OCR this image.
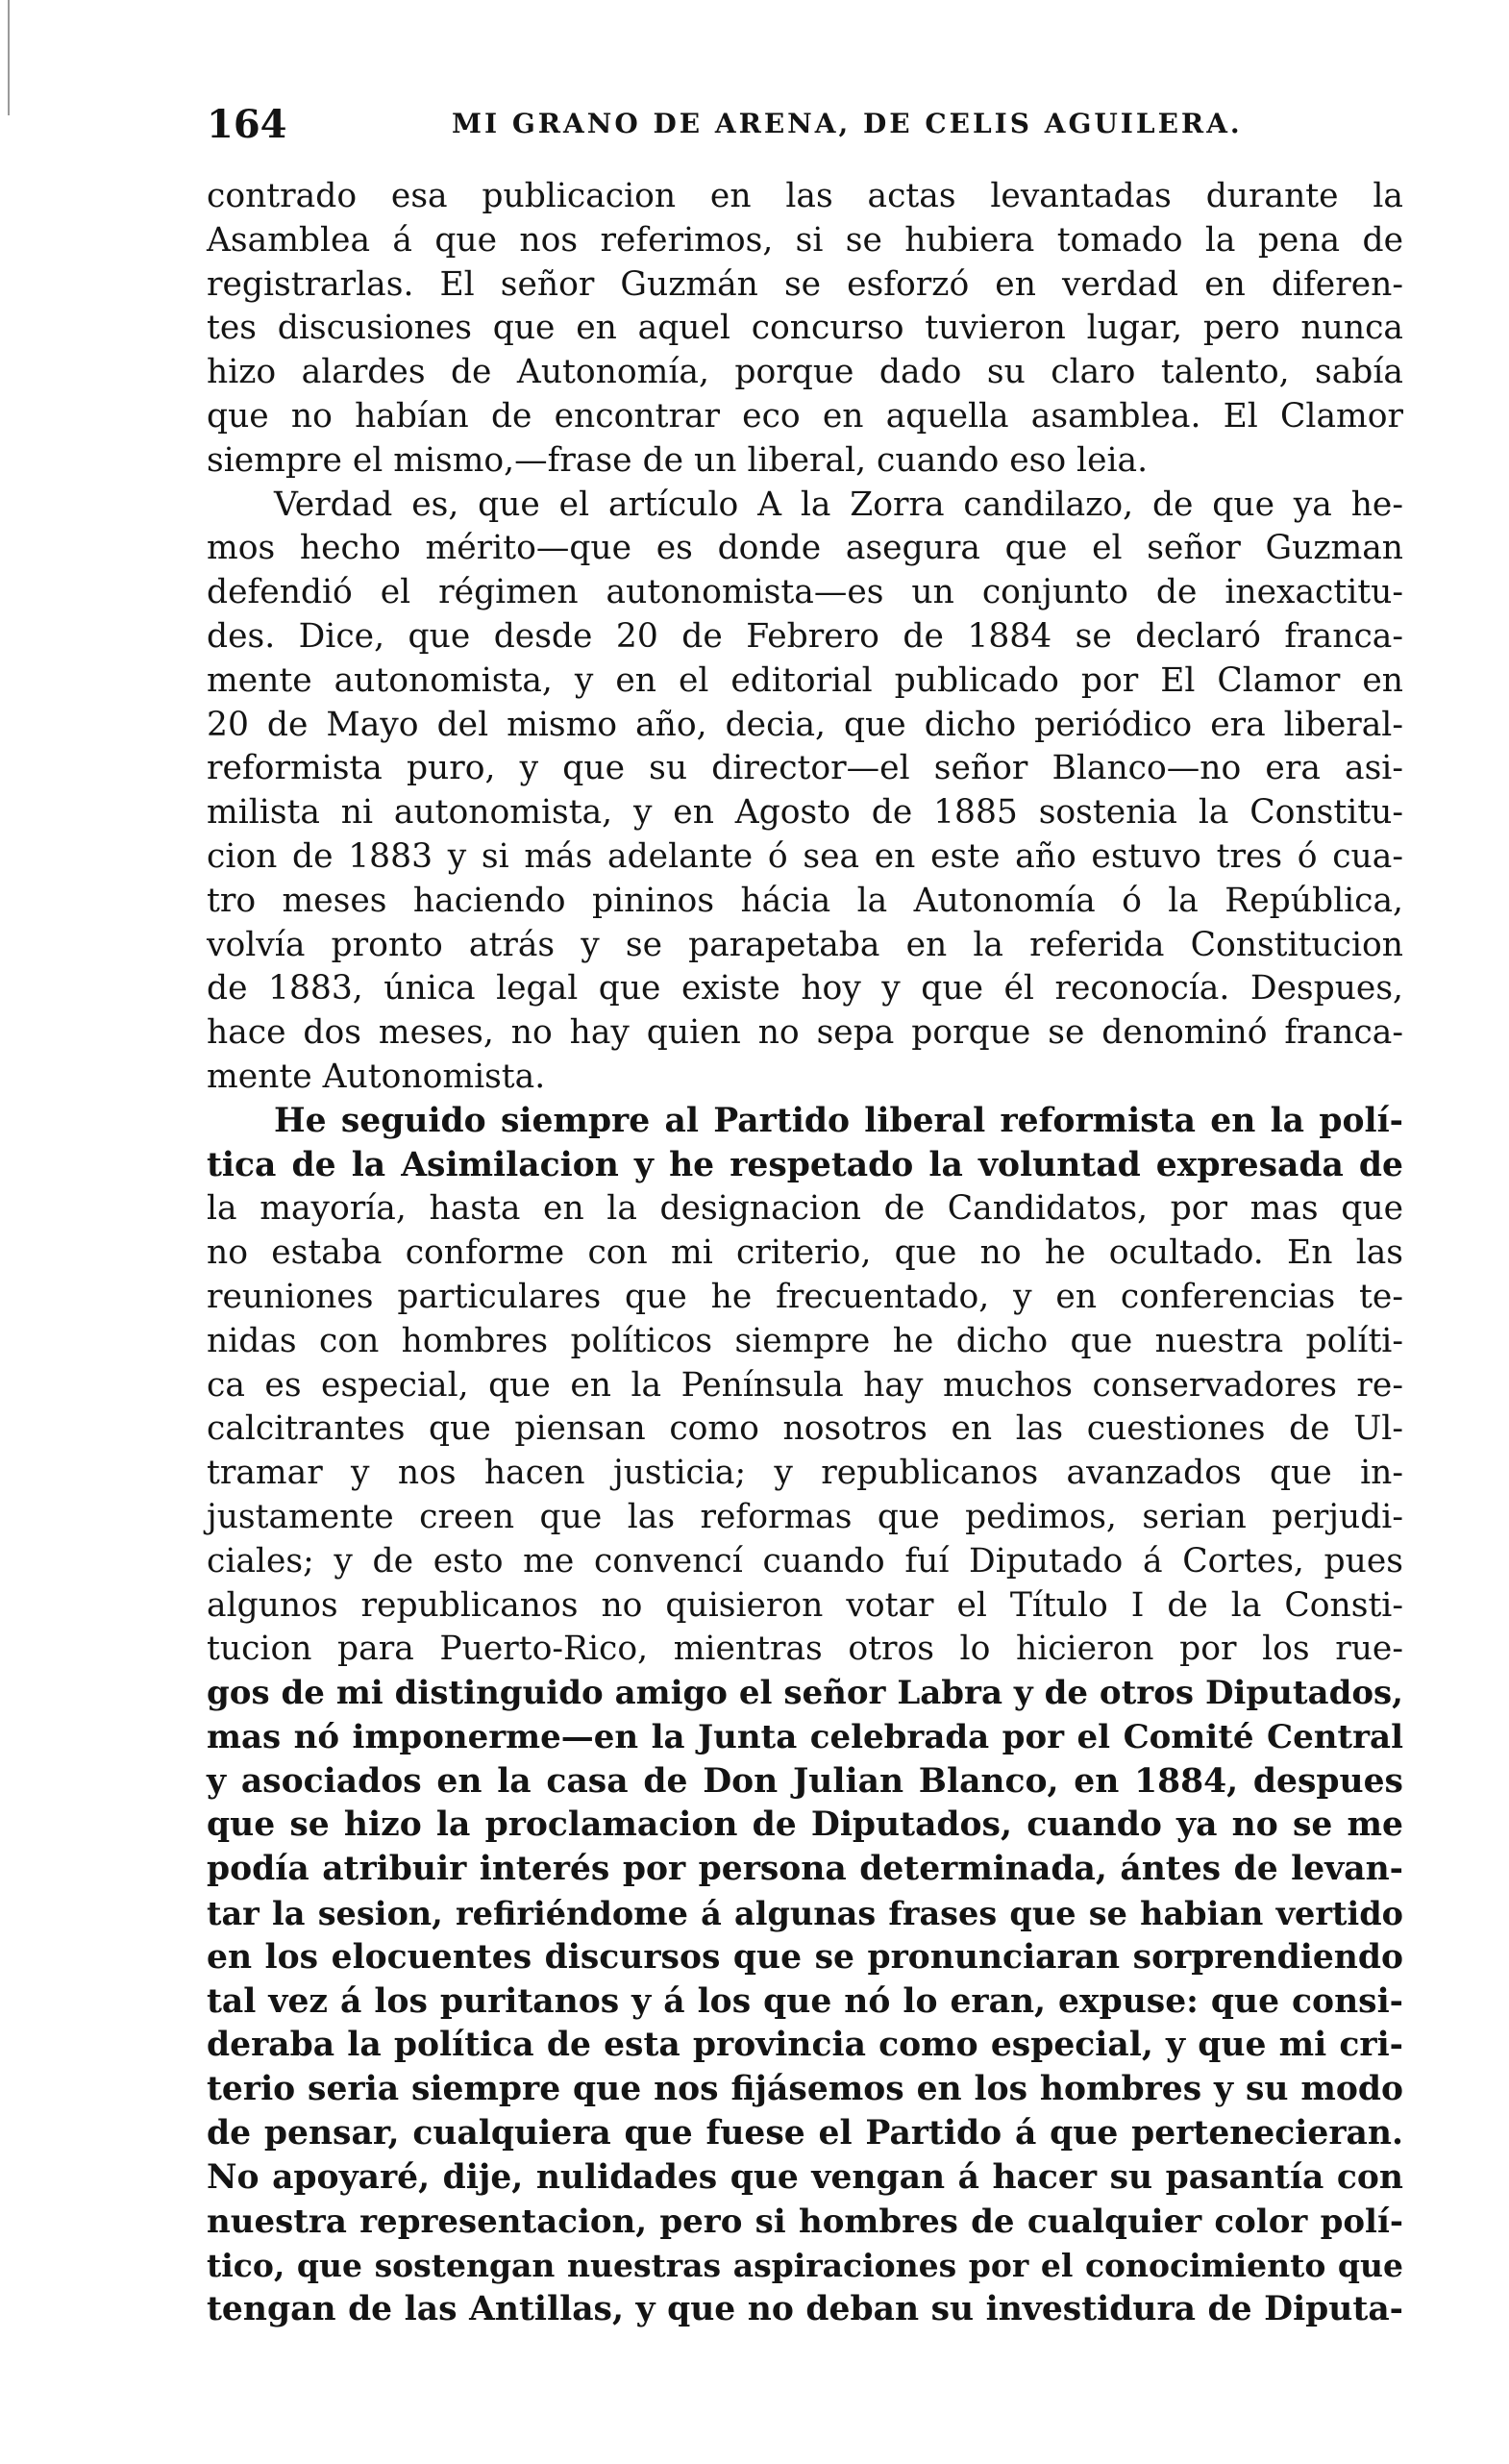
164	MI GRANO DE ARENA, DE CELIS AGUILERA.
contrado esa publicacion en las actas levantadas durante la
Asamblea á que nos referimos, si se hubiera tomado la pena de
registrarlas. El señor Guzmán se esforzó en verdad en diferen-
tes discusiones que en aquel concurso tuvieron lugar, pero nunca
hizo alardes de Autonomía, porque dado su claro talento, sabía
que no habían de encontrar eco en aquella asamblea. El Clamor
siempre el mismo,—frase de un liberal, cuando eso leia.
Verdad es, que el artículo A la Zorra candilazo, de que ya he-
mos hecho mérito—que es donde asegura que el señor Guzman
defendió el régimen autonomista—es un conjunto de inexactitu-
des. Dice, que desde 20 de Febrero de 1884 se declaró franca-
mente autonomista, y en el editorial publicado por El Clamor en
20 de Mayo del mismo año, decia, que dicho periódico era liberal-
reformista puro, y que su director—el señor Blanco—no era asi-
milista ni autonomista, y en Agosto de 1885 sostenia la Constitu-
cion de 1883 y si más adelante ó sea en este año estuvo tres ó cua-
tro meses haciendo pininos hácia la Autonomía ó la República,
volvía pronto atrás y se parapetaba en la referida Constitucion
de 1883, única legal que existe hoy y que él reconocía. Despues,
hace dos meses, no hay quien no sepa porque se denominó franca-
mente Autonomista.
He seguido siempre al Partido liberal reformista en la polí-
tica de la Asimilacion y he respetado la voluntad expresada de
la mayoría, hasta en la designacion de Candidatos, por mas que
no estaba conforme con mi criterio, que no he ocultado. En las
reuniones particulares que he frecuentado, y en conferencias te-
nidas con hombres políticos siempre he dicho que nuestra políti-
ca es especial, que en la Península hay muchos conservadores re-
calcitrantes que piensan como nosotros en las cuestiones de Ul-
tramar y nos hacen justicia; y republicanos avanzados que in-
justamente creen que las reformas que pedimos, serian perjudi-
ciales; y de esto me convencí cuando fuí Diputado á Cortes, pues
algunos republicanos no quisieron votar el Título I de la Consti-
tucion para Puerto-Rico, mientras otros lo hicieron por los rue-
gos de mi distinguido amigo el señor Labra y de otros Diputados,
mas nó imponerme—en la Junta celebrada por el Comité Central
y asociados en la casa de Don Julian Blanco, en 1884, despues
que se hizo la proclamacion de Diputados, cuando ya no se me
podía atribuir interés por persona determinada, ántes de levan-
tar la sesion, refiriéndome á algunas frases que se habian vertido
en los elocuentes discursos que se pronunciaran sorprendiendo
tal vez á los puritanos y á los que nó lo eran, expuse: que consi-
deraba la política de esta provincia como especial, y que mi cri-
terio seria siempre que nos fijásemos en los hombres y su modo
de pensar, cualquiera que fuese el Partido á que pertenecieran.
No apoyaré, dije, nulidades que vengan á hacer su pasantía con
nuestra representacion, pero si hombres de cualquier color polí-
tico, que sostengan nuestras aspiraciones por el conocimiento que
tengan de las Antillas, y que no deban su investidura de Diputa-
